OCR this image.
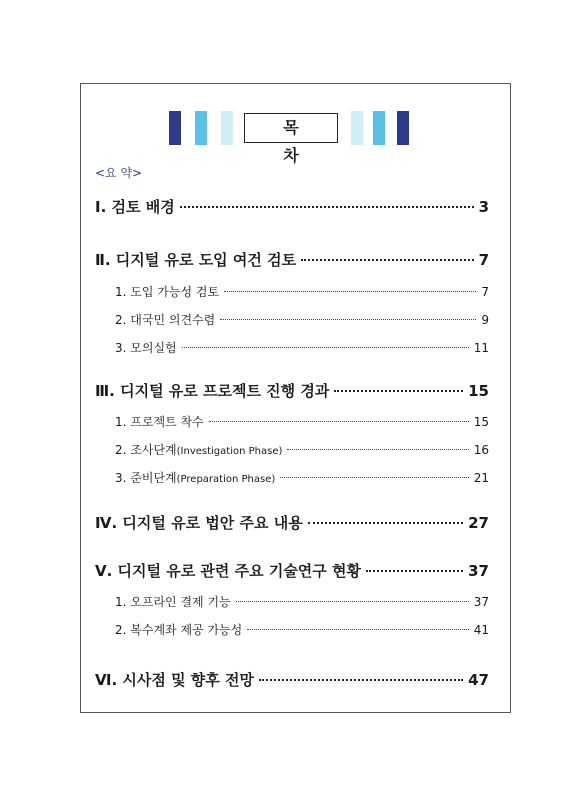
목 차
<요 약>
Ⅰ. 검토 배경	3
Ⅱ. 디지털 유로 도입 여건 검토	7
1. 도입 가능성 검토	7
2. 대국민 의견수렴	9
3. 모의실험	11
Ⅲ. 디지털 유로 프로젝트 진행 경과	15
1. 프로젝트 착수	15
2. 조사단계(Investigation Phase)	16
3. 준비단계(Preparation Phase)	21
Ⅳ. 디지털 유로 법안 주요 내용	27
Ⅴ. 디지털 유로 관련 주요 기술연구 현황	37
1. 오프라인 결제 기능	37
2. 복수계좌 제공 가능성	41
Ⅵ. 시사점 및 향후 전망	47
